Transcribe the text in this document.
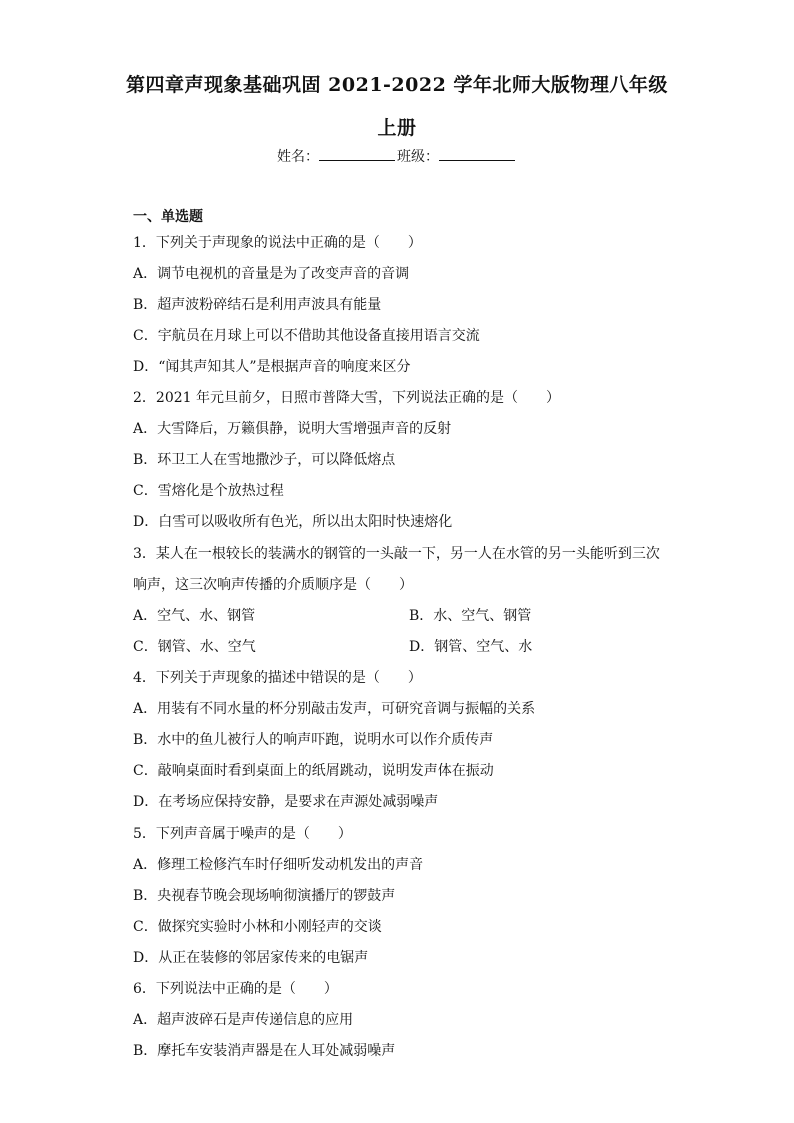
第四章声现象基础巩固 2021-2022 学年北师大版物理八年级
上册
姓名：	班级：
一、单选题
1．下列关于声现象的说法中正确的是（　　）
A．调节电视机的音量是为了改变声音的音调
B．超声波粉碎结石是利用声波具有能量
C．宇航员在月球上可以不借助其他设备直接用语言交流
D．“闻其声知其人”是根据声音的响度来区分
2．2021 年元旦前夕，日照市普降大雪，下列说法正确的是（　　）
A．大雪降后，万籁俱静，说明大雪增强声音的反射
B．环卫工人在雪地撒沙子，可以降低熔点
C．雪熔化是个放热过程
D．白雪可以吸收所有色光，所以出太阳时快速熔化
3．某人在一根较长的装满水的钢管的一头敲一下，另一人在水管的另一头能听到三次
响声，这三次响声传播的介质顺序是（　　）
A．空气、水、钢管	B．水、空气、钢管
C．钢管、水、空气	D．钢管、空气、水
4．下列关于声现象的描述中错误的是（　　）
A．用装有不同水量的杯分别敲击发声，可研究音调与振幅的关系
B．水中的鱼儿被行人的响声吓跑，说明水可以作介质传声
C．敲响桌面时看到桌面上的纸屑跳动，说明发声体在振动
D．在考场应保持安静，是要求在声源处减弱噪声
5．下列声音属于噪声的是（　　）
A．修理工检修汽车时仔细听发动机发出的声音
B．央视春节晚会现场响彻演播厅的锣鼓声
C．做探究实验时小林和小刚轻声的交谈
D．从正在装修的邻居家传来的电锯声
6．下列说法中正确的是（　　）
A．超声波碎石是声传递信息的应用
B．摩托车安装消声器是在人耳处减弱噪声
